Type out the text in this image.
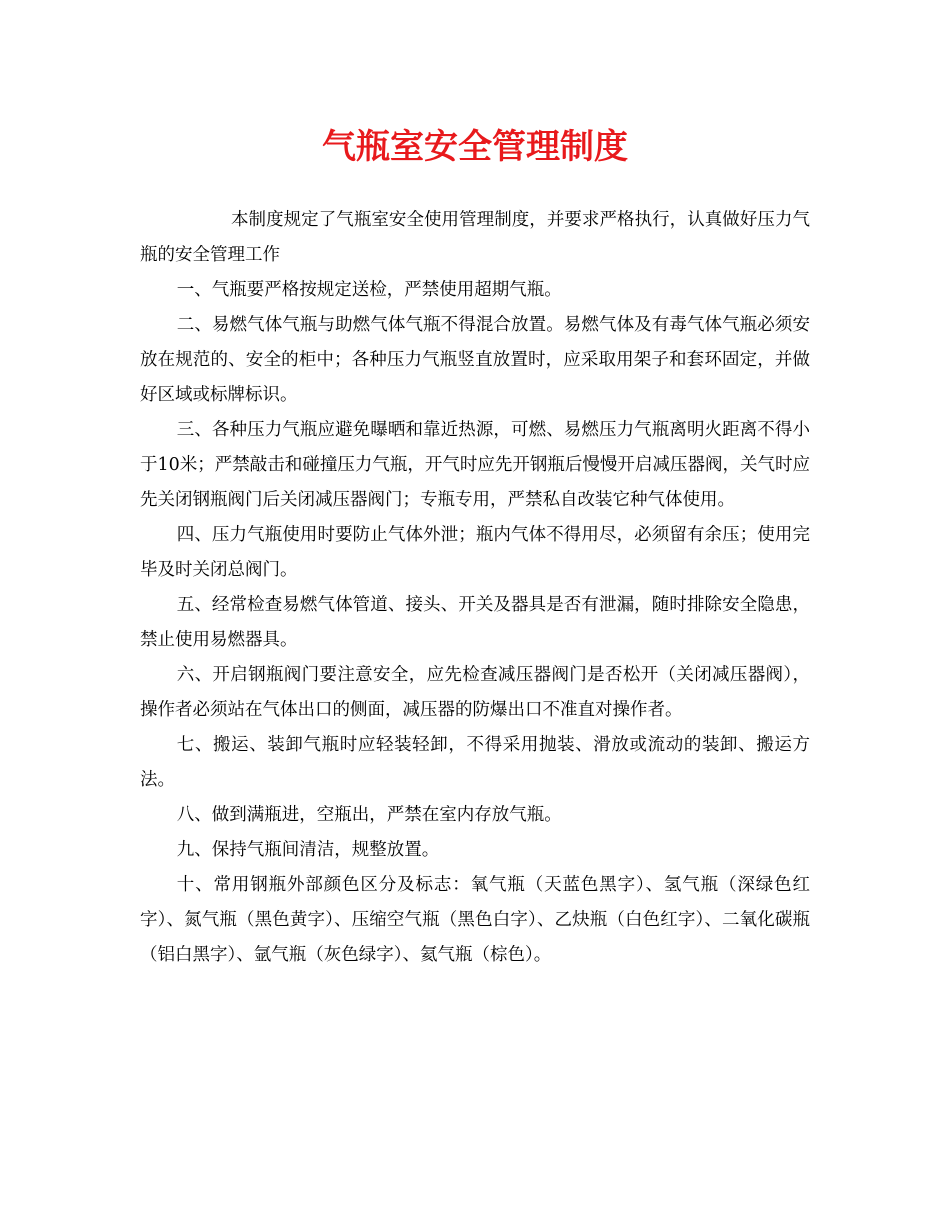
气瓶室安全管理制度

本制度规定了气瓶室安全使用管理制度，并要求严格执行，认真做好压力气瓶的安全管理工作

一、气瓶要严格按规定送检，严禁使用超期气瓶。

二、易燃气体气瓶与助燃气体气瓶不得混合放置。易燃气体及有毒气体气瓶必须安放在规范的、安全的柜中；各种压力气瓶竖直放置时，应采取用架子和套环固定，并做好区域或标牌标识。

三、各种压力气瓶应避免曝晒和靠近热源，可燃、易燃压力气瓶离明火距离不得小于10米；严禁敲击和碰撞压力气瓶，开气时应先开钢瓶后慢慢开启减压器阀，关气时应先关闭钢瓶阀门后关闭减压器阀门；专瓶专用，严禁私自改装它种气体使用。

四、压力气瓶使用时要防止气体外泄；瓶内气体不得用尽，必须留有余压；使用完毕及时关闭总阀门。

五、经常检查易燃气体管道、接头、开关及器具是否有泄漏，随时排除安全隐患，禁止使用易燃器具。

六、开启钢瓶阀门要注意安全，应先检查减压器阀门是否松开（关闭减压器阀），操作者必须站在气体出口的侧面，减压器的防爆出口不准直对操作者。

七、搬运、装卸气瓶时应轻装轻卸，不得采用抛装、滑放或流动的装卸、搬运方法。

八、做到满瓶进，空瓶出，严禁在室内存放气瓶。

九、保持气瓶间清洁，规整放置。

十、常用钢瓶外部颜色区分及标志：氧气瓶（天蓝色黑字）、氢气瓶（深绿色红字）、氮气瓶（黑色黄字）、压缩空气瓶（黑色白字）、乙炔瓶（白色红字）、二氧化碳瓶（铝白黑字）、氩气瓶（灰色绿字）、氦气瓶（棕色）。
